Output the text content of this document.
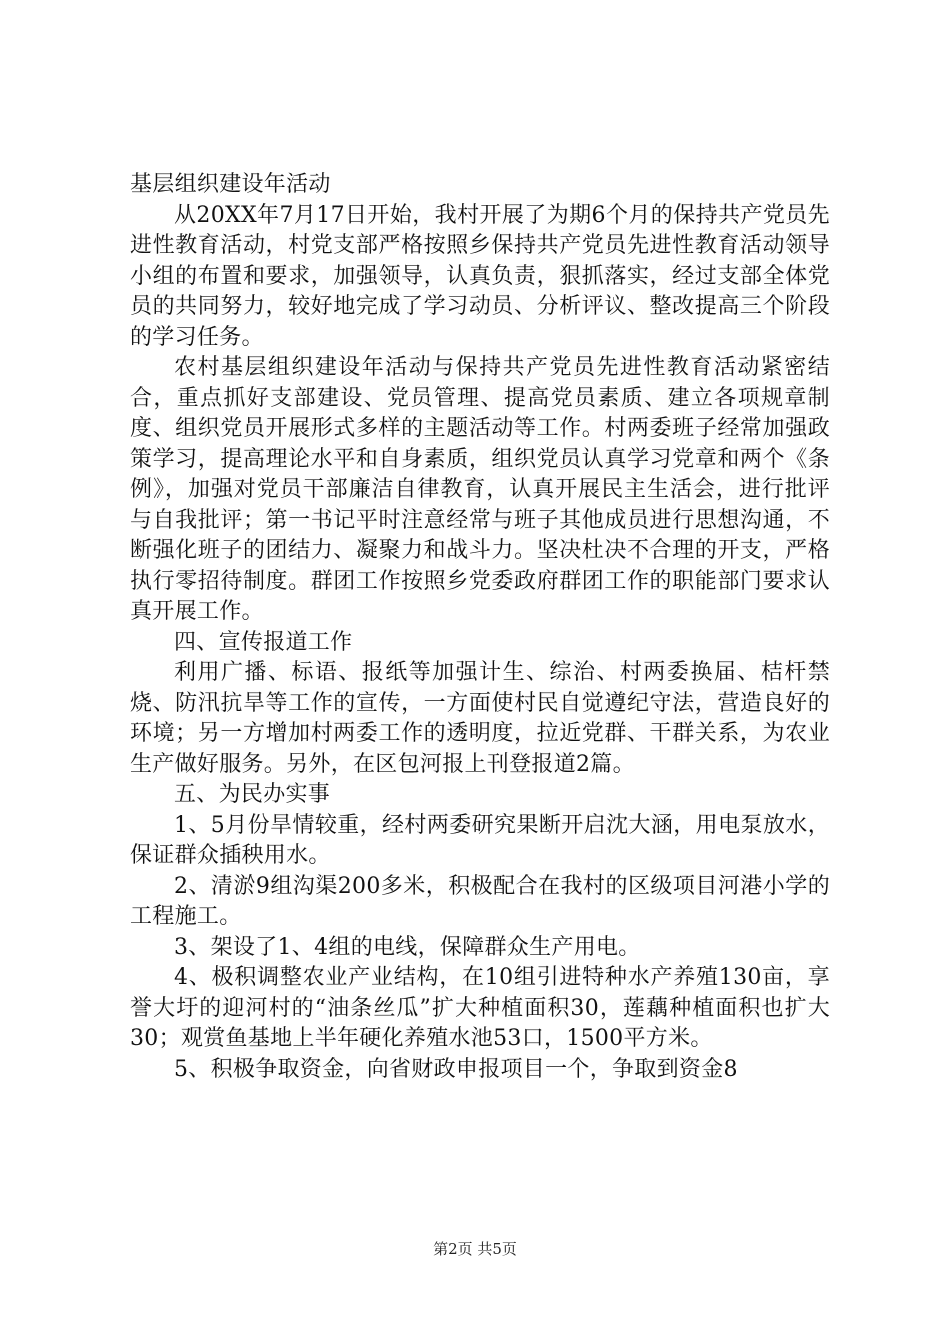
基层组织建设年活动

从20XX年7月17日开始，我村开展了为期6个月的保持共产党员先进性教育活动，村党支部严格按照乡保持共产党员先进性教育活动领导小组的布置和要求，加强领导，认真负责，狠抓落实，经过支部全体党员的共同努力，较好地完成了学习动员、分析评议、整改提高三个阶段的学习任务。

农村基层组织建设年活动与保持共产党员先进性教育活动紧密结合，重点抓好支部建设、党员管理、提高党员素质、建立各项规章制度、组织党员开展形式多样的主题活动等工作。村两委班子经常加强政策学习，提高理论水平和自身素质，组织党员认真学习党章和两个《条例》，加强对党员干部廉洁自律教育，认真开展民主生活会，进行批评与自我批评；第一书记平时注意经常与班子其他成员进行思想沟通，不断强化班子的团结力、凝聚力和战斗力。坚决杜决不合理的开支，严格执行零招待制度。群团工作按照乡党委政府群团工作的职能部门要求认真开展工作。

四、宣传报道工作

利用广播、标语、报纸等加强计生、综治、村两委换届、桔杆禁烧、防汛抗旱等工作的宣传，一方面使村民自觉遵纪守法，营造良好的环境；另一方增加村两委工作的透明度，拉近党群、干群关系，为农业生产做好服务。另外，在区包河报上刊登报道2篇。

五、为民办实事

1、5月份旱情较重，经村两委研究果断开启沈大涵，用电泵放水，保证群众插秧用水。

2、清淤9组沟渠200多米，积极配合在我村的区级项目河港小学的工程施工。

3、架设了1、4组的电线，保障群众生产用电。

4、极积调整农业产业结构，在10组引进特种水产养殖130亩，享誉大圩的迎河村的“油条丝瓜”扩大种植面积30，莲藕种植面积也扩大30；观赏鱼基地上半年硬化养殖水池53口，1500平方米。

5、积极争取资金，向省财政申报项目一个，争取到资金8

第2页 共5页
